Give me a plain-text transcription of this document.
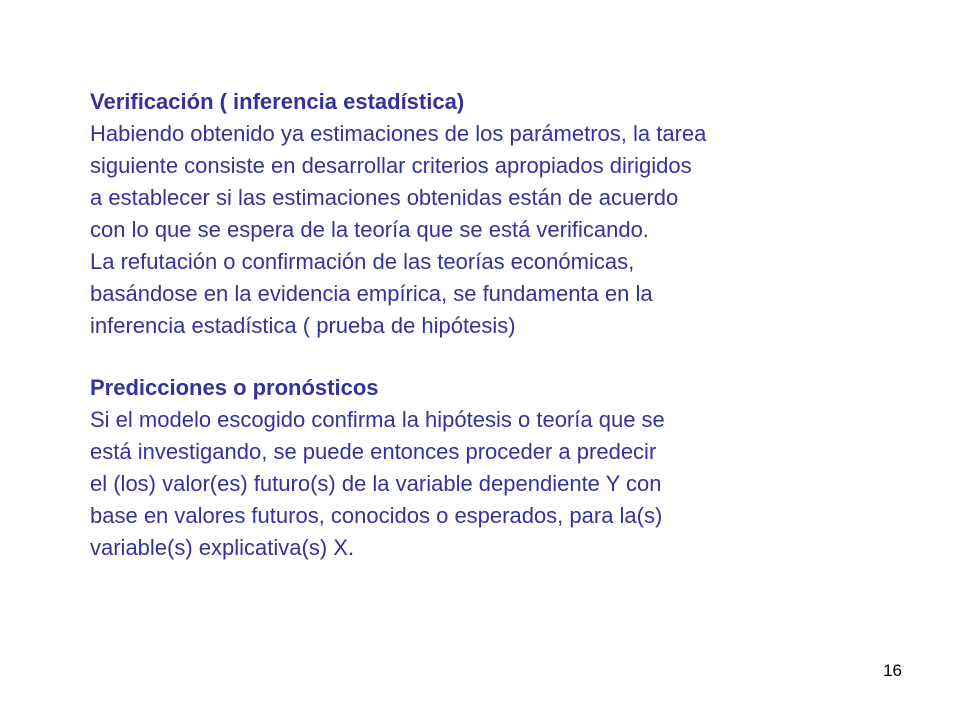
Verificación ( inferencia estadística)
Habiendo obtenido ya estimaciones de los parámetros, la tarea
siguiente consiste en desarrollar criterios apropiados dirigidos
a establecer si las estimaciones obtenidas están de acuerdo
con lo que se espera de la teoría que se está verificando.
La refutación o confirmación de las teorías económicas,
basándose en la evidencia empírica, se fundamenta en la
inferencia estadística ( prueba de hipótesis)
Predicciones o pronósticos
Si el modelo escogido confirma la hipótesis o teoría que se
está investigando, se puede entonces proceder a predecir
el (los) valor(es) futuro(s) de la variable dependiente Y con
base en valores futuros, conocidos o esperados, para la(s)
variable(s) explicativa(s) X.
16
